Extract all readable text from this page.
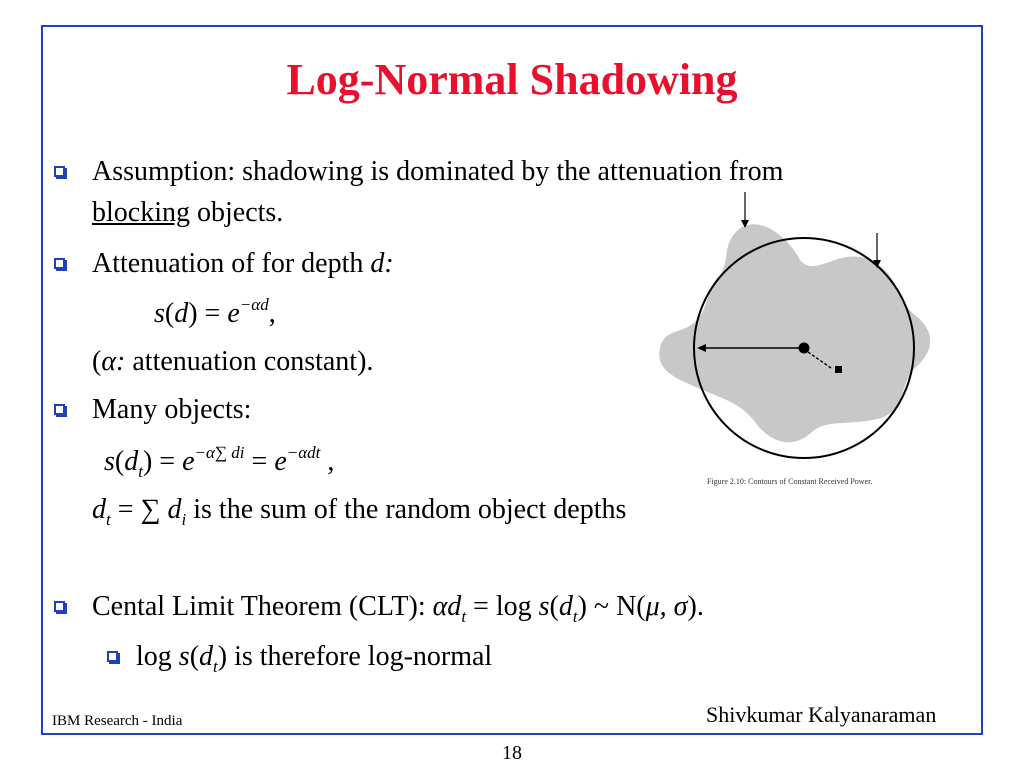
Log-Normal Shadowing
Assumption: shadowing is dominated by the attenuation from
blocking objects.
Attenuation of for depth d:
$s(d) = e^{-\alpha d}$,
(α: attenuation constant).
Many objects:
$s(d_t) = e^{-\alpha\sum di} = e^{-\alpha dt}$ ,
$d_t$ = ∑ $d_i$ is the sum of the random object depths
Cental Limit Theorem (CLT): $\alpha d_t = \log s(d_t)$ ~ N(μ, σ).
$\log s(d_t)$ is therefore log-normal
Figure 2.10: Contours of Constant Received Power.
IBM Research - India	Shivkumar Kalyanaraman
18
